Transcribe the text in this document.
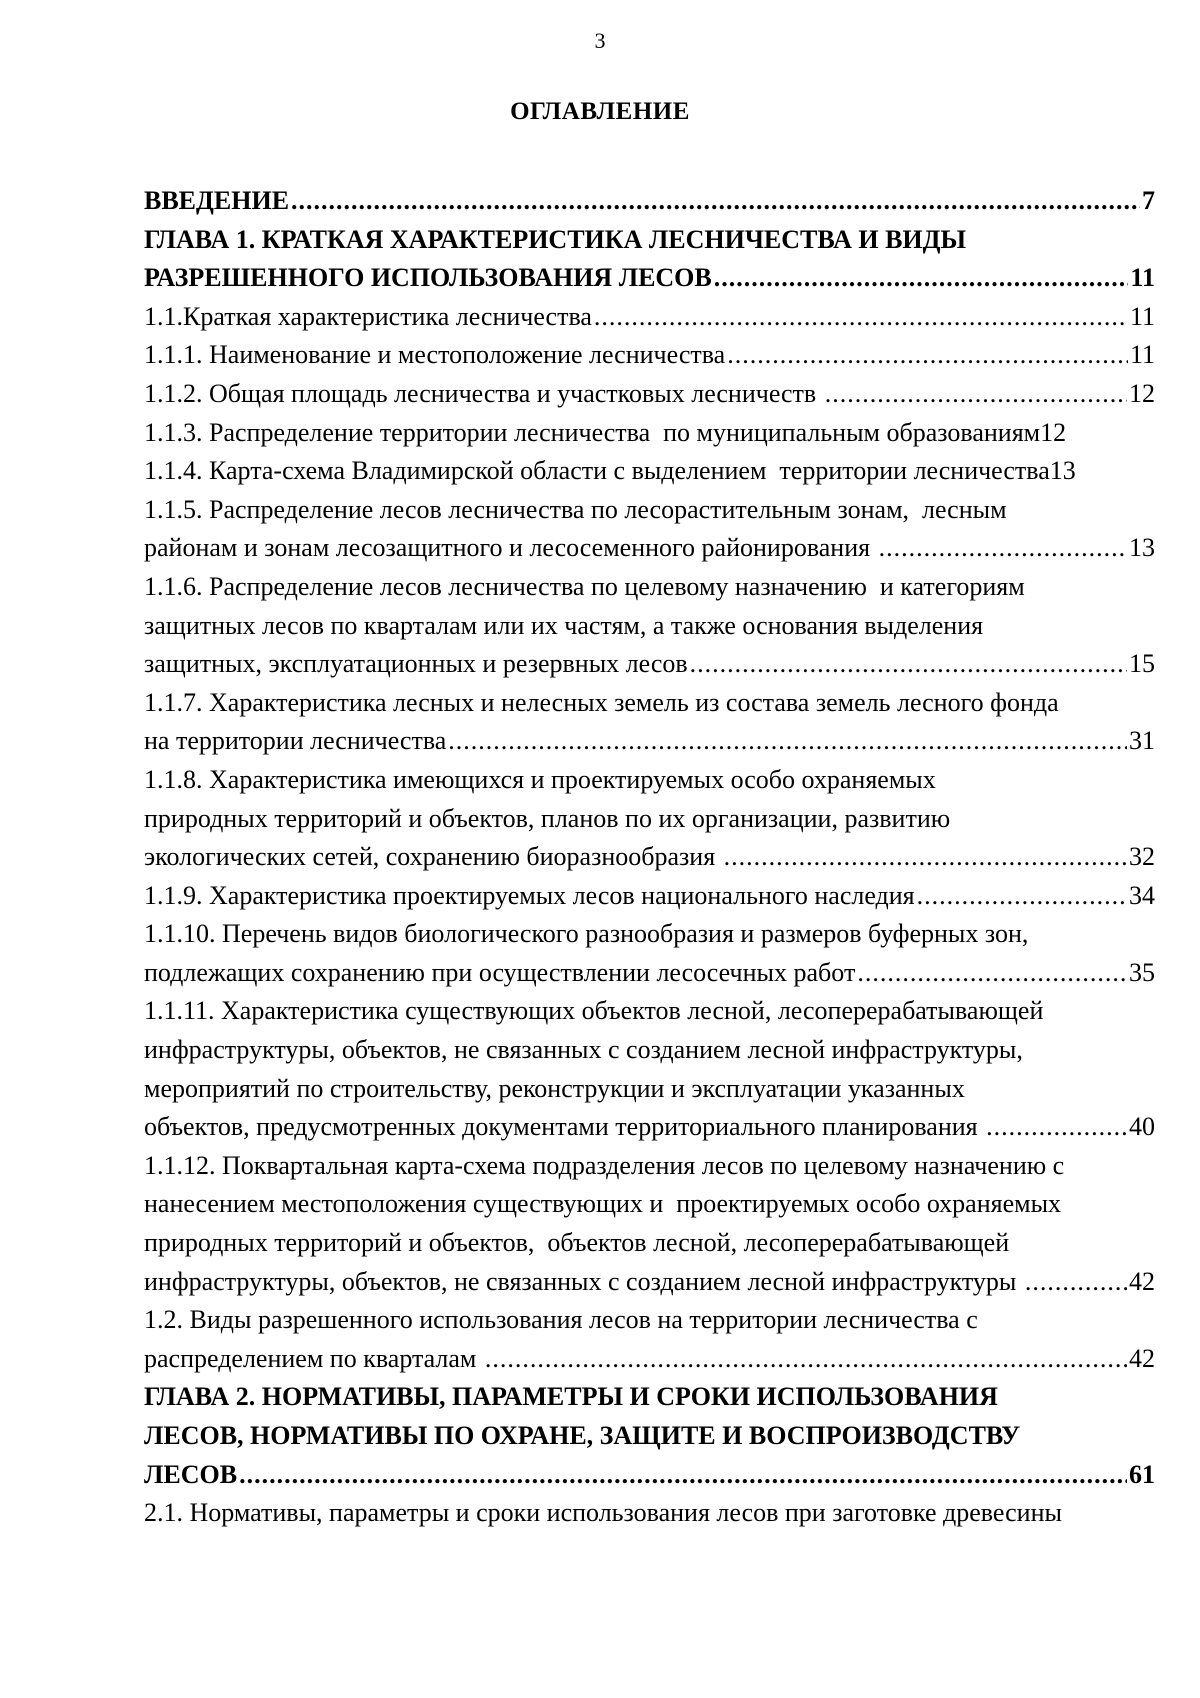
3
ОГЛАВЛЕНИЕ
ВВЕДЕНИЕ .....	7
ГЛАВА 1. КРАТКАЯ ХАРАКТЕРИСТИКА ЛЕСНИЧЕСТВА И ВИДЫ
РАЗРЕШЕННОГО ИСПОЛЬЗОВАНИЯ ЛЕСОВ .....	11
1.1. Краткая характеристика лесничества .....	11
1.1.1. Наименование и местоположение лесничества .....	11
1.1.2. Общая площадь лесничества и участковых лесничеств .....	12
1.1.3. Распределение территории лесничества  по муниципальным образованиям 12
1.1.4. Карта-схема Владимирской области с выделением  территории лесничества 13
1.1.5. Распределение лесов лесничества по лесорастительным зонам,  лесным
районам и зонам лесозащитного и лесосеменного районирования .....	13
1.1.6. Распределение лесов лесничества по целевому назначению  и категориям
защитных лесов по кварталам или их частям, а также основания выделения
защитных, эксплуатационных и резервных лесов .....	15
1.1.7. Характеристика лесных и нелесных земель из состава земель лесного фонда
на территории лесничества .....	31
1.1.8. Характеристика имеющихся и проектируемых особо охраняемых
природных территорий и объектов, планов по их организации, развитию
экологических сетей, сохранению биоразнообразия .....	32
1.1.9. Характеристика проектируемых лесов национального наследия .....	34
1.1.10. Перечень видов биологического разнообразия и размеров буферных зон,
подлежащих сохранению при осуществлении лесосечных работ .....	35
1.1.11. Характеристика существующих объектов лесной, лесоперерабатывающей
инфраструктуры, объектов, не связанных с созданием лесной инфраструктуры,
мероприятий по строительству, реконструкции и эксплуатации указанных
объектов, предусмотренных документами территориального планирования .....	40
1.1.12. Поквартальная карта-схема подразделения лесов по целевому назначению с
нанесением местоположения существующих и  проектируемых особо охраняемых
природных территорий и объектов,  объектов лесной, лесоперерабатывающей
инфраструктуры, объектов, не связанных с созданием лесной инфраструктуры .....	42
1.2. Виды разрешенного использования лесов на территории лесничества с
распределением по кварталам .....	42
ГЛАВА 2. НОРМАТИВЫ, ПАРАМЕТРЫ И СРОКИ ИСПОЛЬЗОВАНИЯ
ЛЕСОВ, НОРМАТИВЫ ПО ОХРАНЕ, ЗАЩИТЕ И ВОСПРОИЗВОДСТВУ
ЛЕСОВ .....	61
2.1. Нормативы, параметры и сроки использования лесов при заготовке древесины
